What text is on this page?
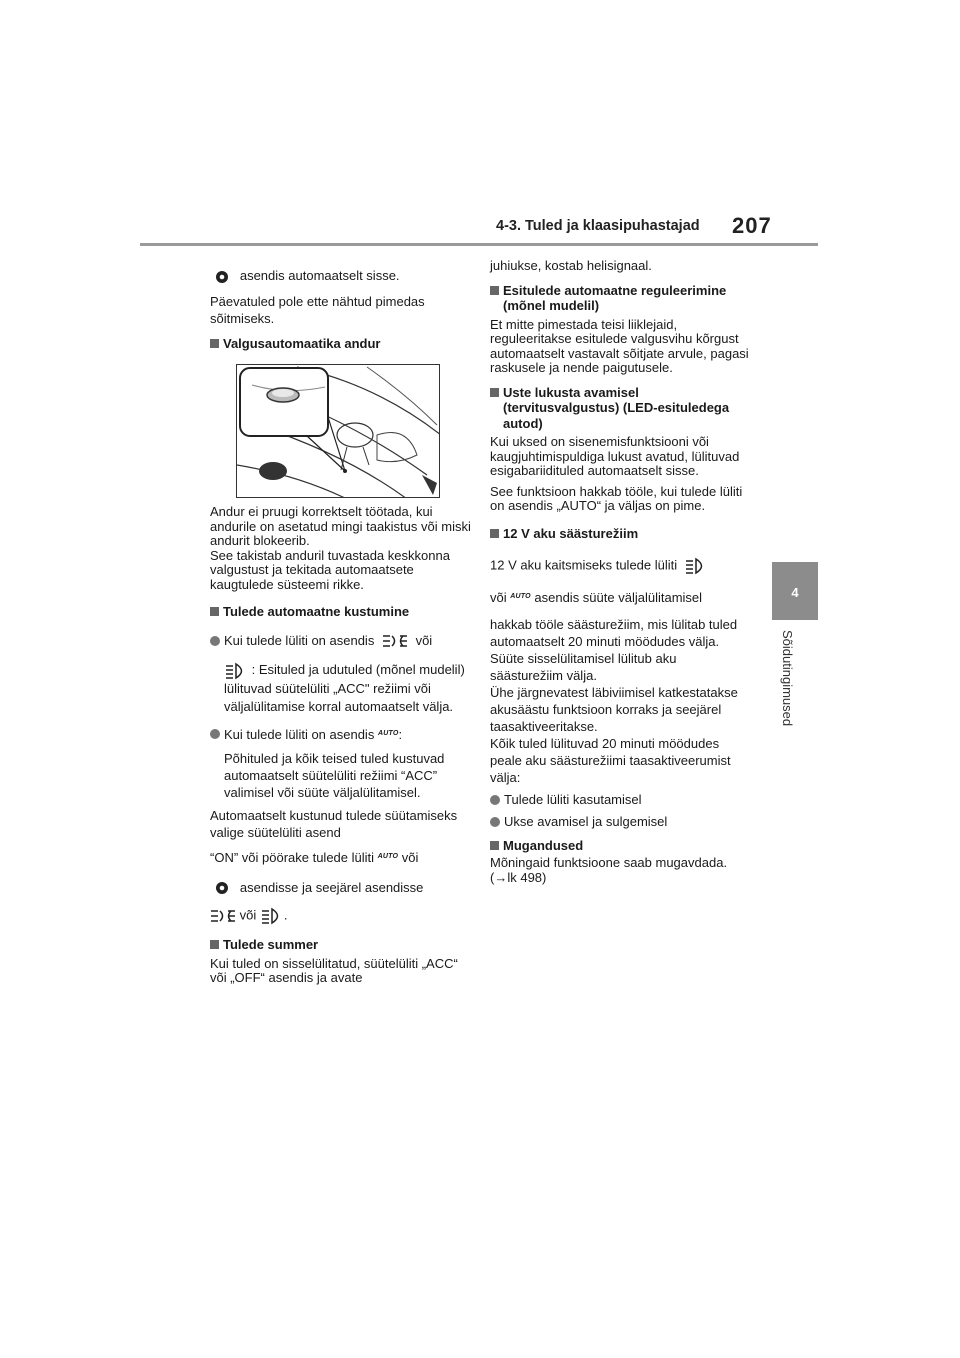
4-3. Tuled ja klaasipuhastajad 207
4
Sõidutingimused

asendis automaatselt sisse.

Päevatuled pole ette nähtud pimedas sõitmiseks.

Valgusautomaatika andur

Andur ei pruugi korrektselt töötada, kui andurile on asetatud mingi taakistus või miski andurit blokeerib.

See takistab anduril tuvastada keskkonna valgustust ja tekitada automaatsete kaugtulede süsteemi rikke.

Tulede automaatne kustumine

Kui tulede lüliti on asendis	või
: Esituled ja udutuled (mõnel mudelil) lülituvad süütelüliti „ACC" režiimi või väljalülitamise korral automaatselt välja.
Kui tulede lüliti on asendis $^{AUTO}$:

Põhituled ja kõik teised tuled kustuvad automaatselt süütelüliti režiimi “ACC” valimisel või süüte väljalülitamisel.

Automaatselt kustunud tulede süütamiseks valige süütelüliti asend

“ON” või pöörake tulede lüliti $^{AUTO}$ või

asendisse ja seejärel asendisse

või .

Tulede summer

Kui tuled on sisselülitatud, süütelüliti „ACC“ või „OFF“ asendis ja avate

juhiukse, kostab helisignaal.

Esitulede automaatne reguleerimine (mõnel mudelil)

Et mitte pimestada teisi liiklejaid, reguleeritakse esitulede valgusvihu kõrgust automaatselt vastavalt sõitjate arvule, pagasi raskusele ja nende paigutusele.

Uste lukusta avamisel (tervitusvalgustus) (LED-esituledega autod)

Kui uksed on sisenemisfunktsiooni või kaugjuhtimispuldiga lukust avatud, lülituvad esigabariidituled automaatselt sisse.

See funktsioon hakkab tööle, kui tulede lüliti on asendis „AUTO“ ja väljas on pime.

12 V aku säästurežiim

12 V aku kaitsmiseks tulede lüliti

või $^{AUTO}$ asendis süüte väljalülitamisel

hakkab tööle säästurežiim, mis lülitab tuled automaatselt 20 minuti möödudes välja. Süüte sisselülitamisel lülitub aku säästurežiim välja.

Ühe järgnevatest läbiviimisel katkestatakse akusäästu funktsioon korraks ja seejärel taasaktiveeritakse.

Kõik tuled lülituvad 20 minuti möödudes peale aku säästurežiimi taasaktiveerumist välja:

Tulede lüliti kasutamisel
Ukse avamisel ja sulgemisel

Mugandused

Mõningaid funktsioone saab mugavdada. (→lk 498)
